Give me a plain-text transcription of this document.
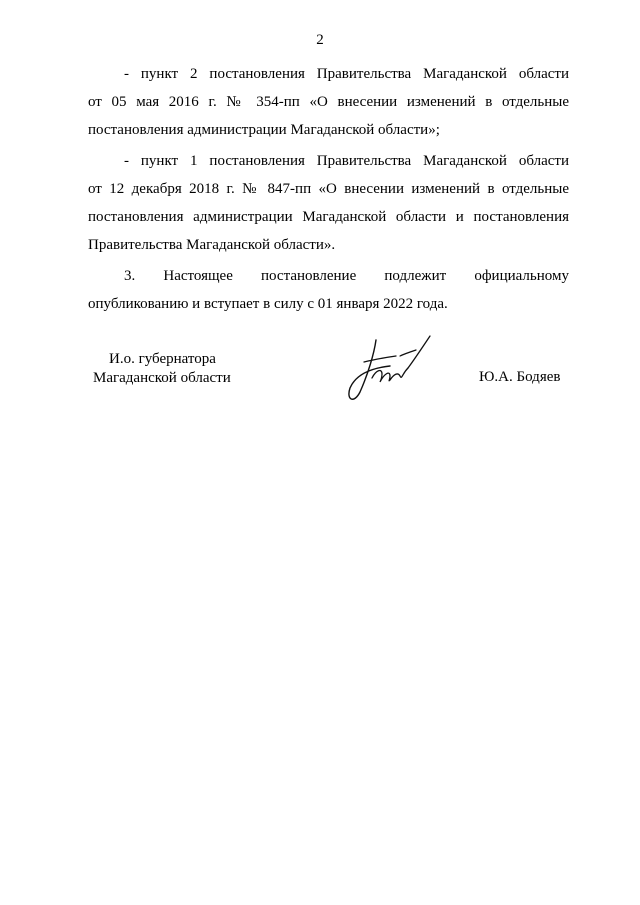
2
- пункт 2 постановления Правительства Магаданской области
от 05 мая 2016 г. № 354-пп «О внесении изменений в отдельные
постановления администрации Магаданской области»;
- пункт 1 постановления Правительства Магаданской области
от 12 декабря 2018 г. № 847-пп «О внесении изменений в отдельные
постановления администрации Магаданской области и постановления
Правительства Магаданской области».
3. Настоящее постановление подлежит официальному
опубликованию и вступает в силу с 01 января 2022 года.
И.о. губернатора
Магаданской области	Ю.А. Бодяев
